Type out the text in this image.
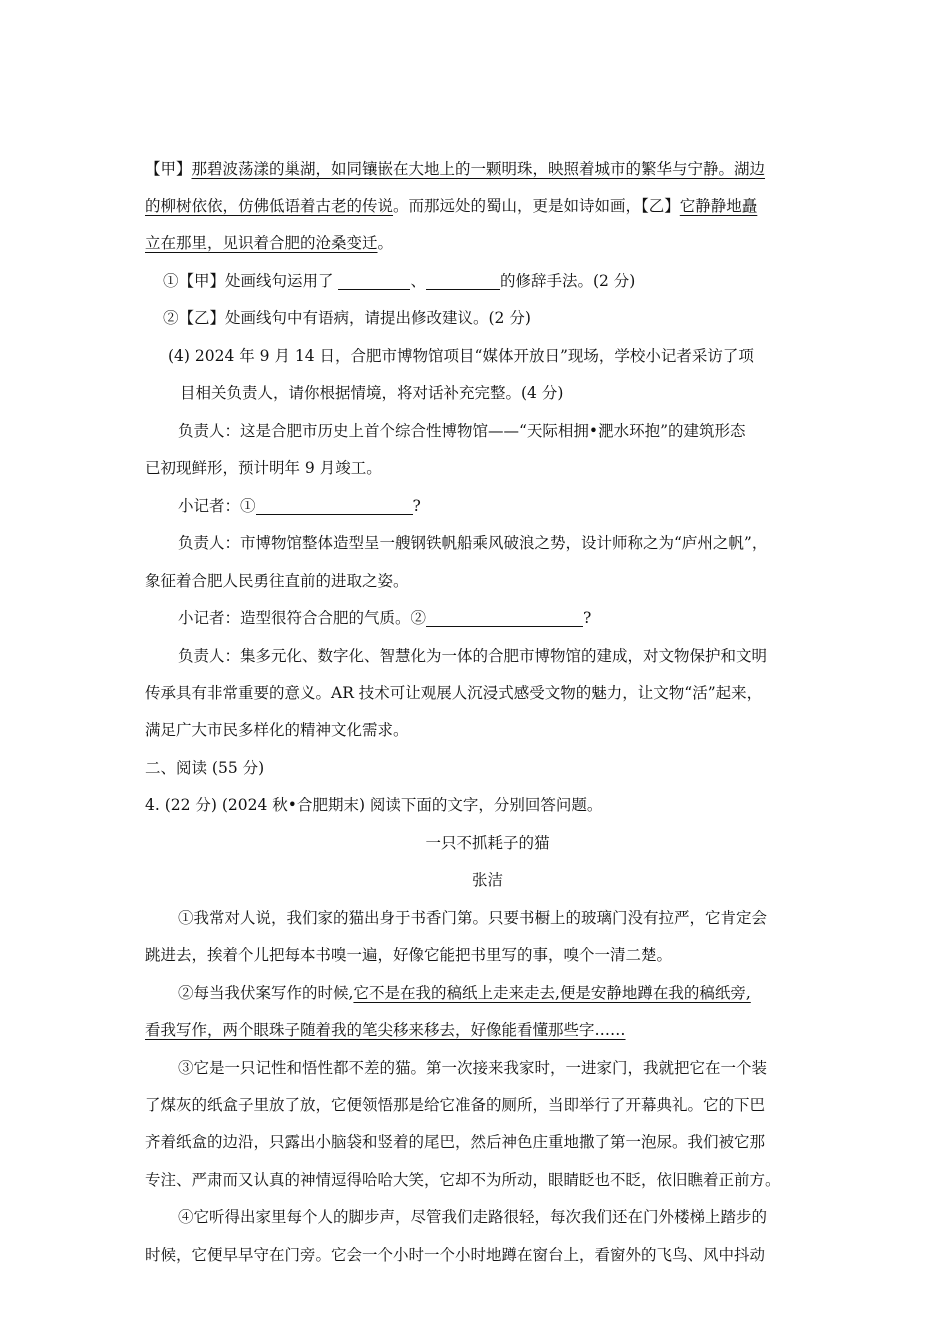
【甲】那碧波荡漾的巢湖，如同镶嵌在大地上的一颗明珠，映照着城市的繁华与宁静。湖边
的柳树依依，仿佛低语着古老的传说。而那远处的蜀山，更是如诗如画，【乙】它静静地矗
立在那里，见识着合肥的沧桑变迁。
①【甲】处画线句运用了	、	的修辞手法。(2 分)
②【乙】处画线句中有语病，请提出修改建议。(2 分)
(4) 2024 年 9 月 14 日，合肥市博物馆项目“媒体开放日”现场，学校小记者采访了项
目相关负责人，请你根据情境，将对话补充完整。(4 分)
负责人：这是合肥市历史上首个综合性博物馆——“天际相拥•淝水环抱”的建筑形态
已初现鲜形，预计明年 9 月竣工。
小记者：①	?
负责人：市博物馆整体造型呈一艘钢铁帆船乘风破浪之势，设计师称之为“庐州之帆”，
象征着合肥人民勇往直前的进取之姿。
小记者：造型很符合合肥的气质。②	?
负责人：集多元化、数字化、智慧化为一体的合肥市博物馆的建成，对文物保护和文明
传承具有非常重要的意义。AR 技术可让观展人沉浸式感受文物的魅力，让文物“活”起来，
满足广大市民多样化的精神文化需求。
二、阅读 (55 分)
4. (22 分) (2024 秋•合肥期末) 阅读下面的文字，分别回答问题。
一只不抓耗子的猫
张洁
①我常对人说，我们家的猫出身于书香门第。只要书橱上的玻璃门没有拉严，它肯定会
跳进去，挨着个儿把每本书嗅一遍，好像它能把书里写的事，嗅个一清二楚。
②每当我伏案写作的时候,它不是在我的稿纸上走来走去,便是安静地蹲在我的稿纸旁,
看我写作，两个眼珠子随着我的笔尖移来移去，好像能看懂那些字……
③它是一只记性和悟性都不差的猫。第一次接来我家时，一进家门，我就把它在一个装
了煤灰的纸盒子里放了放，它便领悟那是给它准备的厕所，当即举行了开幕典礼。它的下巴
齐着纸盒的边沿，只露出小脑袋和竖着的尾巴，然后神色庄重地撒了第一泡尿。我们被它那
专注、严肃而又认真的神情逗得哈哈大笑，它却不为所动，眼睛眨也不眨，依旧瞧着正前方。
④它听得出家里每个人的脚步声，尽管我们走路很轻，每次我们还在门外楼梯上踏步的
时候，它便早早守在门旁。它会一个小时一个小时地蹲在窗台上，看窗外的飞鸟、风中抖动
